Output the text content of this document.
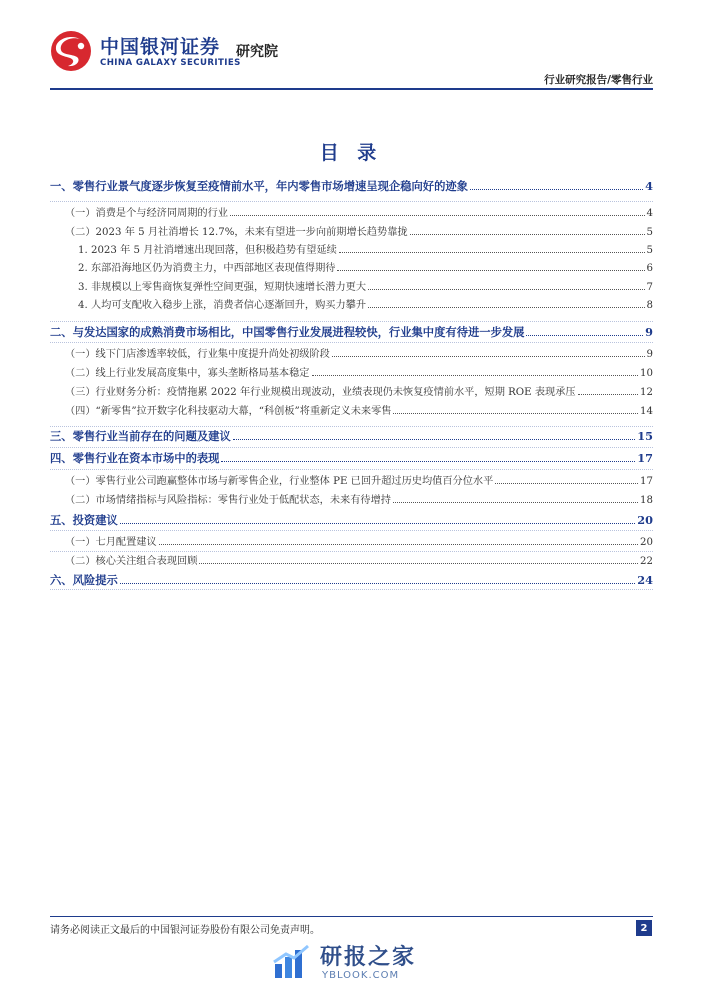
中国银河证券
CHINA GALAXY SECURITIES
研究院
行业研究报告/零售行业
目 录
一、零售行业景气度逐步恢复至疫情前水平，年内零售市场增速呈现企稳向好的迹象	4
（一）消费是个与经济同周期的行业	4
（二）2023 年 5 月社消增长 12.7%，未来有望进一步向前期增长趋势靠拢	5
1. 2023 年 5 月社消增速出现回落，但积极趋势有望延续	5
2. 东部沿海地区仍为消费主力，中西部地区表现值得期待	6
3. 非规模以上零售商恢复弹性空间更强，短期快速增长潜力更大	7
4. 人均可支配收入稳步上涨，消费者信心逐渐回升，购买力攀升	8
二、与发达国家的成熟消费市场相比，中国零售行业发展进程较快，行业集中度有待进一步发展	9
（一）线下门店渗透率较低，行业集中度提升尚处初级阶段	9
（二）线上行业发展高度集中，寡头垄断格局基本稳定	10
（三）行业财务分析：疫情拖累 2022 年行业规模出现波动，业绩表现仍未恢复疫情前水平，短期 ROE 表现承压	12
（四）“新零售”拉开数字化科技驱动大幕，“科创板”将重新定义未来零售	14
三、零售行业当前存在的问题及建议	15
四、零售行业在资本市场中的表现	17
（一）零售行业公司跑赢整体市场与新零售企业，行业整体 PE 已回升超过历史均值百分位水平	17
（二）市场情绪指标与风险指标：零售行业处于低配状态，未来有待增持	18
五、投资建议	20
（一）七月配置建议	20
（二）核心关注组合表现回顾	22
六、风险提示	24
请务必阅读正文最后的中国银河证券股份有限公司免责声明。	2
研报之家
YBLOOK.COM
